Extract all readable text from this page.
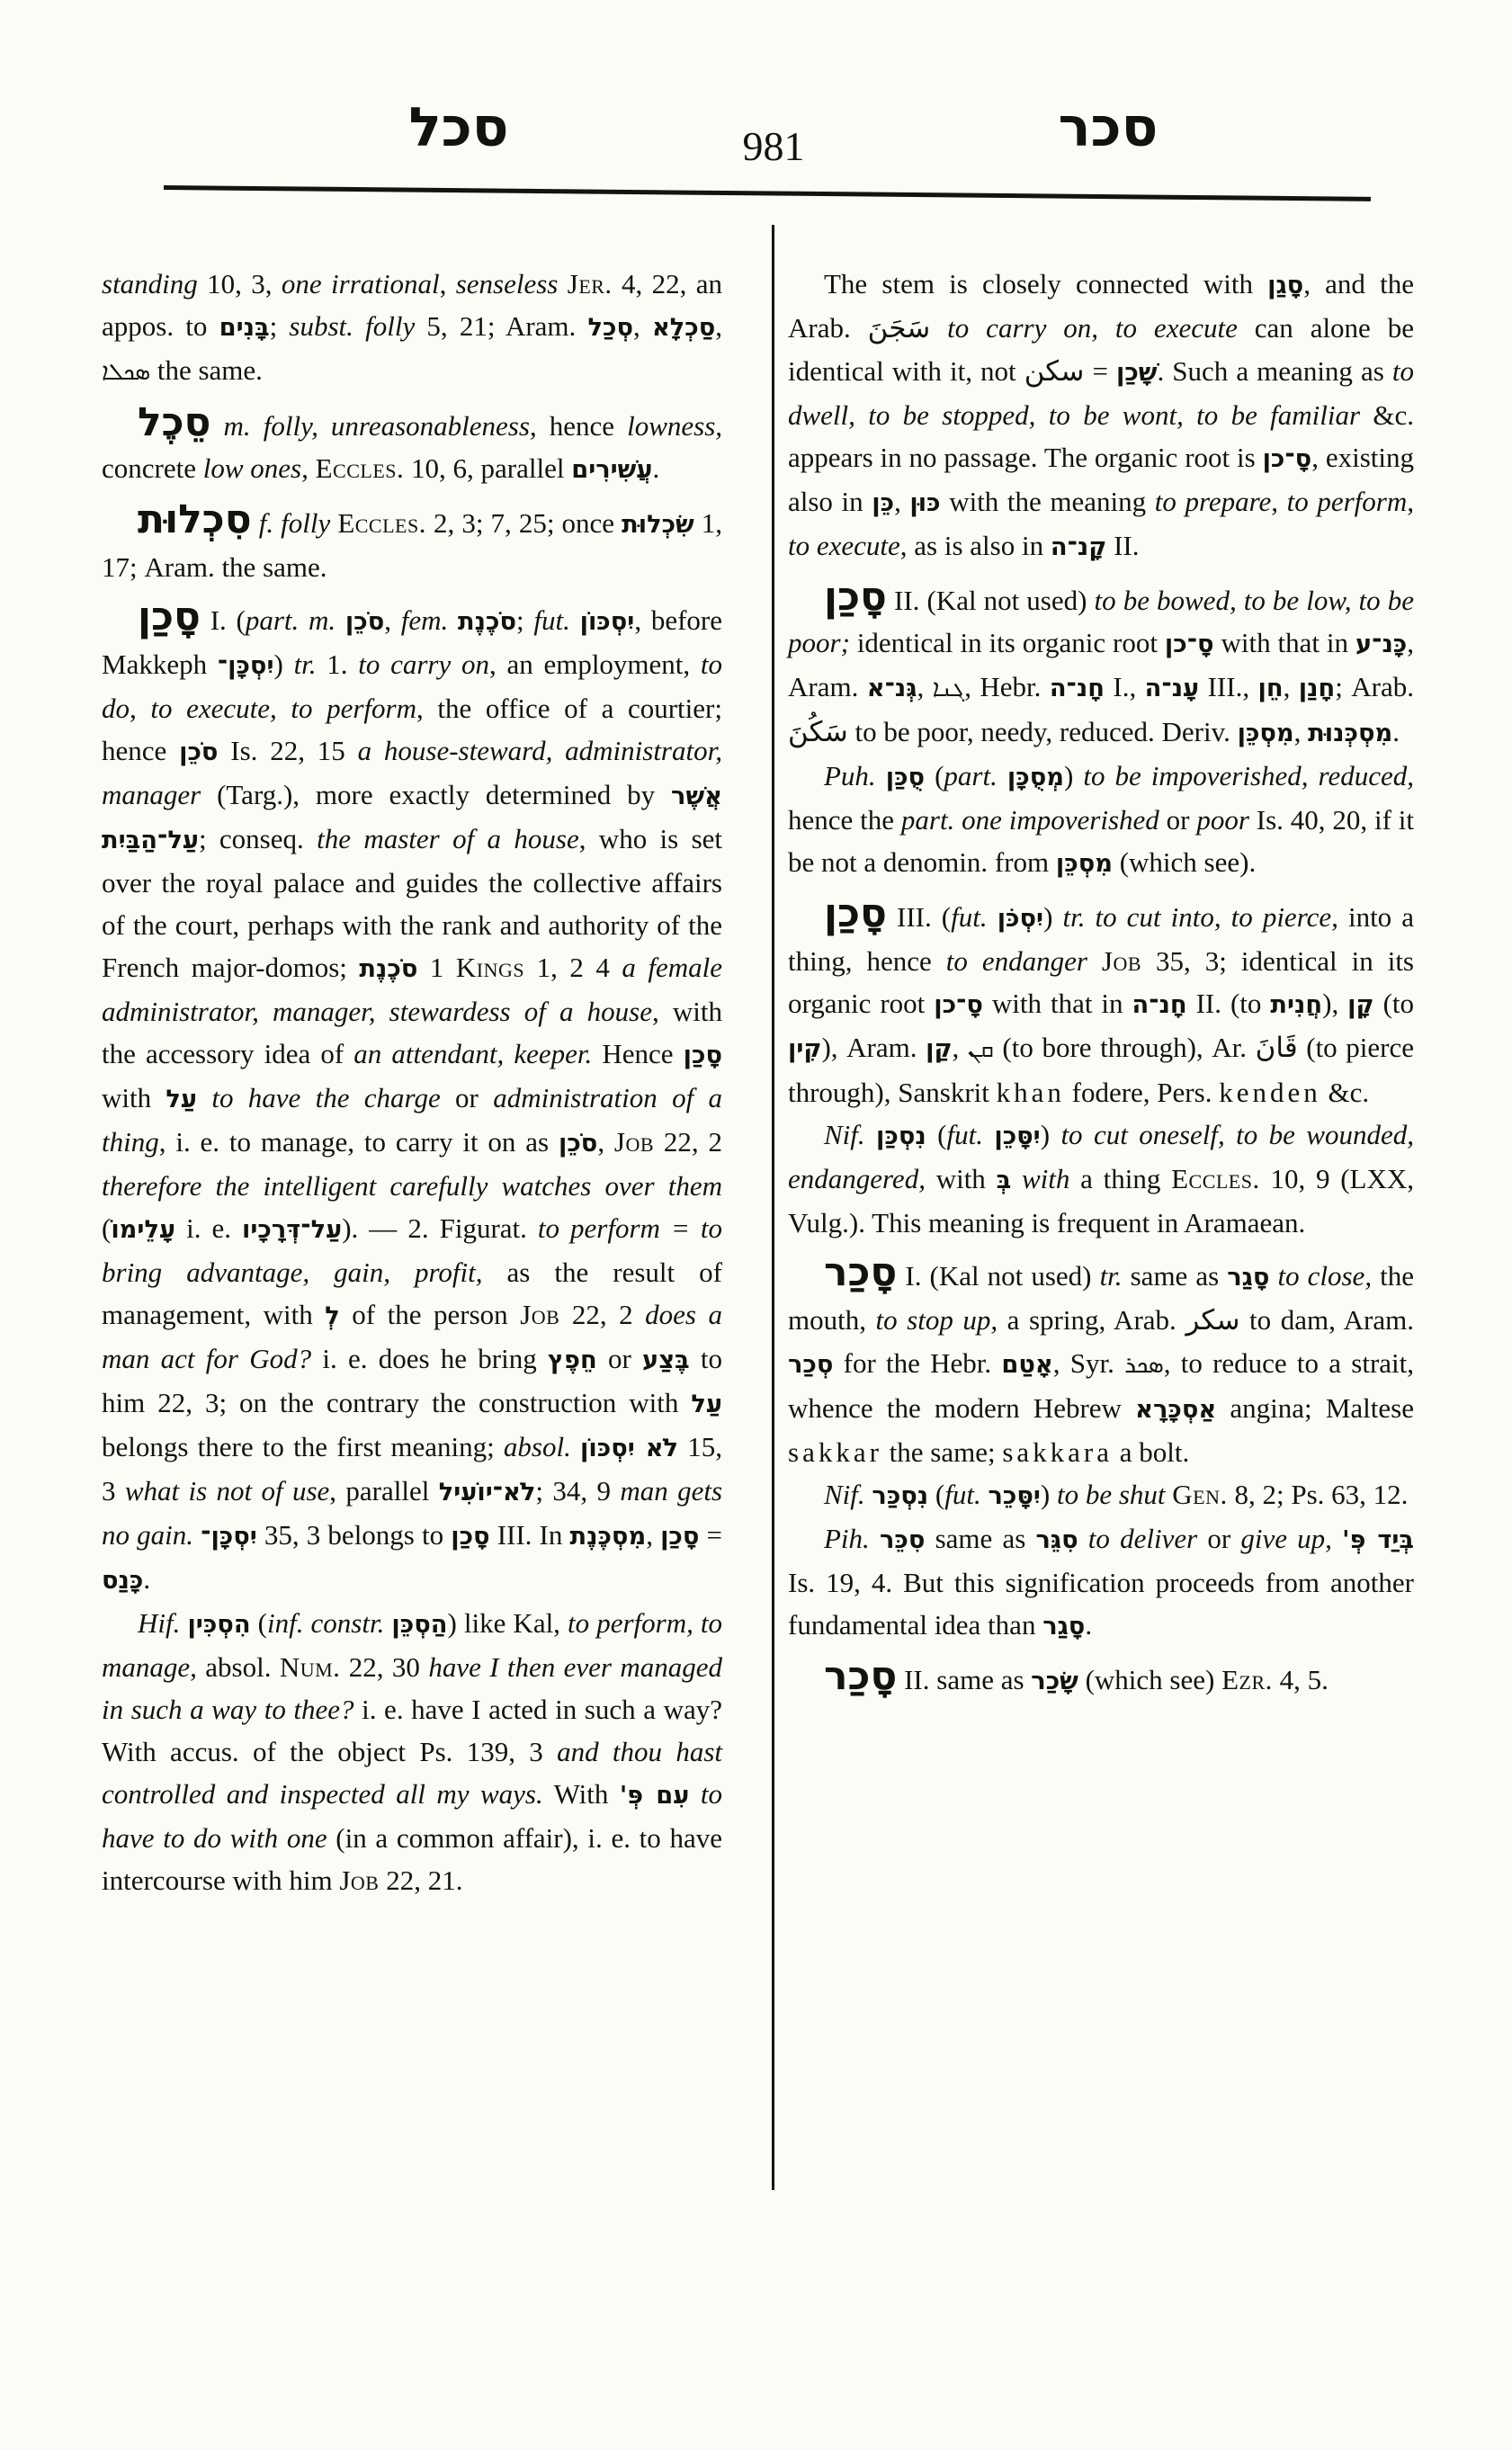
סכל	981	סכר

standing 10, 3, one irrational, senseless Jer. 4, 22, an appos. to בָּנִים; subst. folly 5, 21; Aram. סְכַל, סַכְלָא, ܣܟܠܐ the same.

סֵכֶל m. folly, unreasonableness, hence lowness, concrete low ones, Eccles. 10, 6, parallel עֲשִׁירִים.

סִכְלוּת f. folly Eccles. 2, 3; 7, 25; once שִׂכְלוּת 1, 17; Aram. the same.

סָכַן I. (part. m. סֹכֵן, fem. סֹכֶנֶת; fut. יִסְכּוֹן, before Makkeph יִסְכָּן־) tr. 1. to carry on, an employment, to do, to execute, to perform, the office of a courtier; hence סֹכֵן Is. 22, 15 a house-steward, administrator, manager (Targ.), more exactly determined by אֲשֶׁר עַל־הַבַּיִת; conseq. the master of a house, who is set over the royal palace and guides the collective affairs of the court, perhaps with the rank and authority of the French major-domos; סֹכֶנֶת 1 Kings 1, 2 4 a female administrator, manager, stewardess of a house, with the accessory idea of an attendant, keeper. Hence סָכַן with עַל to have the charge or administration of a thing, i. e. to manage, to carry it on as סֹכֵן, Job 22, 2 therefore the intelligent carefully watches over them (עָלֵימוֹ i. e. עַל־דְּרָכָיו). — 2. Figurat. to perform = to bring advantage, gain, profit, as the result of management, with לְ of the person Job 22, 2 does a man act for God? i. e. does he bring חֵפֶץ or בֶּצַע to him 22, 3; on the contrary the construction with עַל belongs there to the first meaning; absol. לֹא יִסְכּוֹן 15, 3 what is not of use, parallel לֹא־יוֹעִיל; 34, 9 man gets no gain. יִסְכָּן־ 35, 3 belongs to סָכַן III. In מִסְכֶּנֶת, סָכַן = כָּנַס.

Hif. הִסְכִּין (inf. constr. הַסְכֵּן) like Kal, to perform, to manage, absol. Num. 22, 30 have I then ever managed in such a way to thee? i. e. have I acted in such a way? With accus. of the object Ps. 139, 3 and thou hast controlled and inspected all my ways. With עִם פְּ' to have to do with one (in a common affair), i. e. to have intercourse with him Job 22, 21.

The stem is closely connected with סָגַן, and the Arab. سَجَنَ to carry on, to execute can alone be identical with it, not سكن = שָׁכַן. Such a meaning as to dwell, to be stopped, to be wont, to be familiar &c. appears in no passage. The organic root is סָ־כן, existing also in כֵּן, כּוּן with the meaning to prepare, to perform, to execute, as is also in קָנ־ה II.

סָכַן II. (Kal not used) to be bowed, to be low, to be poor; identical in its organic root סָ־כן with that in כָּנ־ע, Aram. גְּנ־א, ܓܢܐ, Hebr. חָנ־ה I., עָנ־ה III., חֵן, חָנַן; Arab. سَكُنَ to be poor, needy, reduced. Deriv. מִסְכֵּן, מִסְכְּנוּת.

Puh. סֻכַּן (part. מְסֻכָּן) to be impoverished, reduced, hence the part. one impoverished or poor Is. 40, 20, if it be not a denomin. from מִסְכֵּן (which see).

סָכַן III. (fut. יִסְכֹּן) tr. to cut into, to pierce, into a thing, hence to endanger Job 35, 3; identical in its organic root סָ־כן with that in חָנ־ה II. (to חֲנִית), קָן (to קִין), Aram. קַן, ܩܢ (to bore through), Ar. قَانَ (to pierce through), Sanskrit khan fodere, Pers. kenden &c.

Nif. נִסְכַּן (fut. יִסָּכֵן) to cut oneself, to be wounded, endangered, with בְּ with a thing Eccles. 10, 9 (LXX, Vulg.). This meaning is frequent in Aramaean.

סָכַר I. (Kal not used) tr. same as סָגַר to close, the mouth, to stop up, a spring, Arab. سكر to dam, Aram. סְכַר for the Hebr. אָטַם, Syr. ܣܟܪ, to reduce to a strait, whence the modern Hebrew אַסְכָּרָא angina; Maltese sakkar the same; sakkara a bolt.

Nif. נִסְכַּר (fut. יִסָּכֵר) to be shut Gen. 8, 2; Ps. 63, 12.

Pih. סִכֵּר same as סִגֵּר to deliver or give up, בְּיַד פְּ' Is. 19, 4. But this signification proceeds from another fundamental idea than סָגַר.

סָכַר II. same as שָׂכַר (which see) Ezr. 4, 5.
